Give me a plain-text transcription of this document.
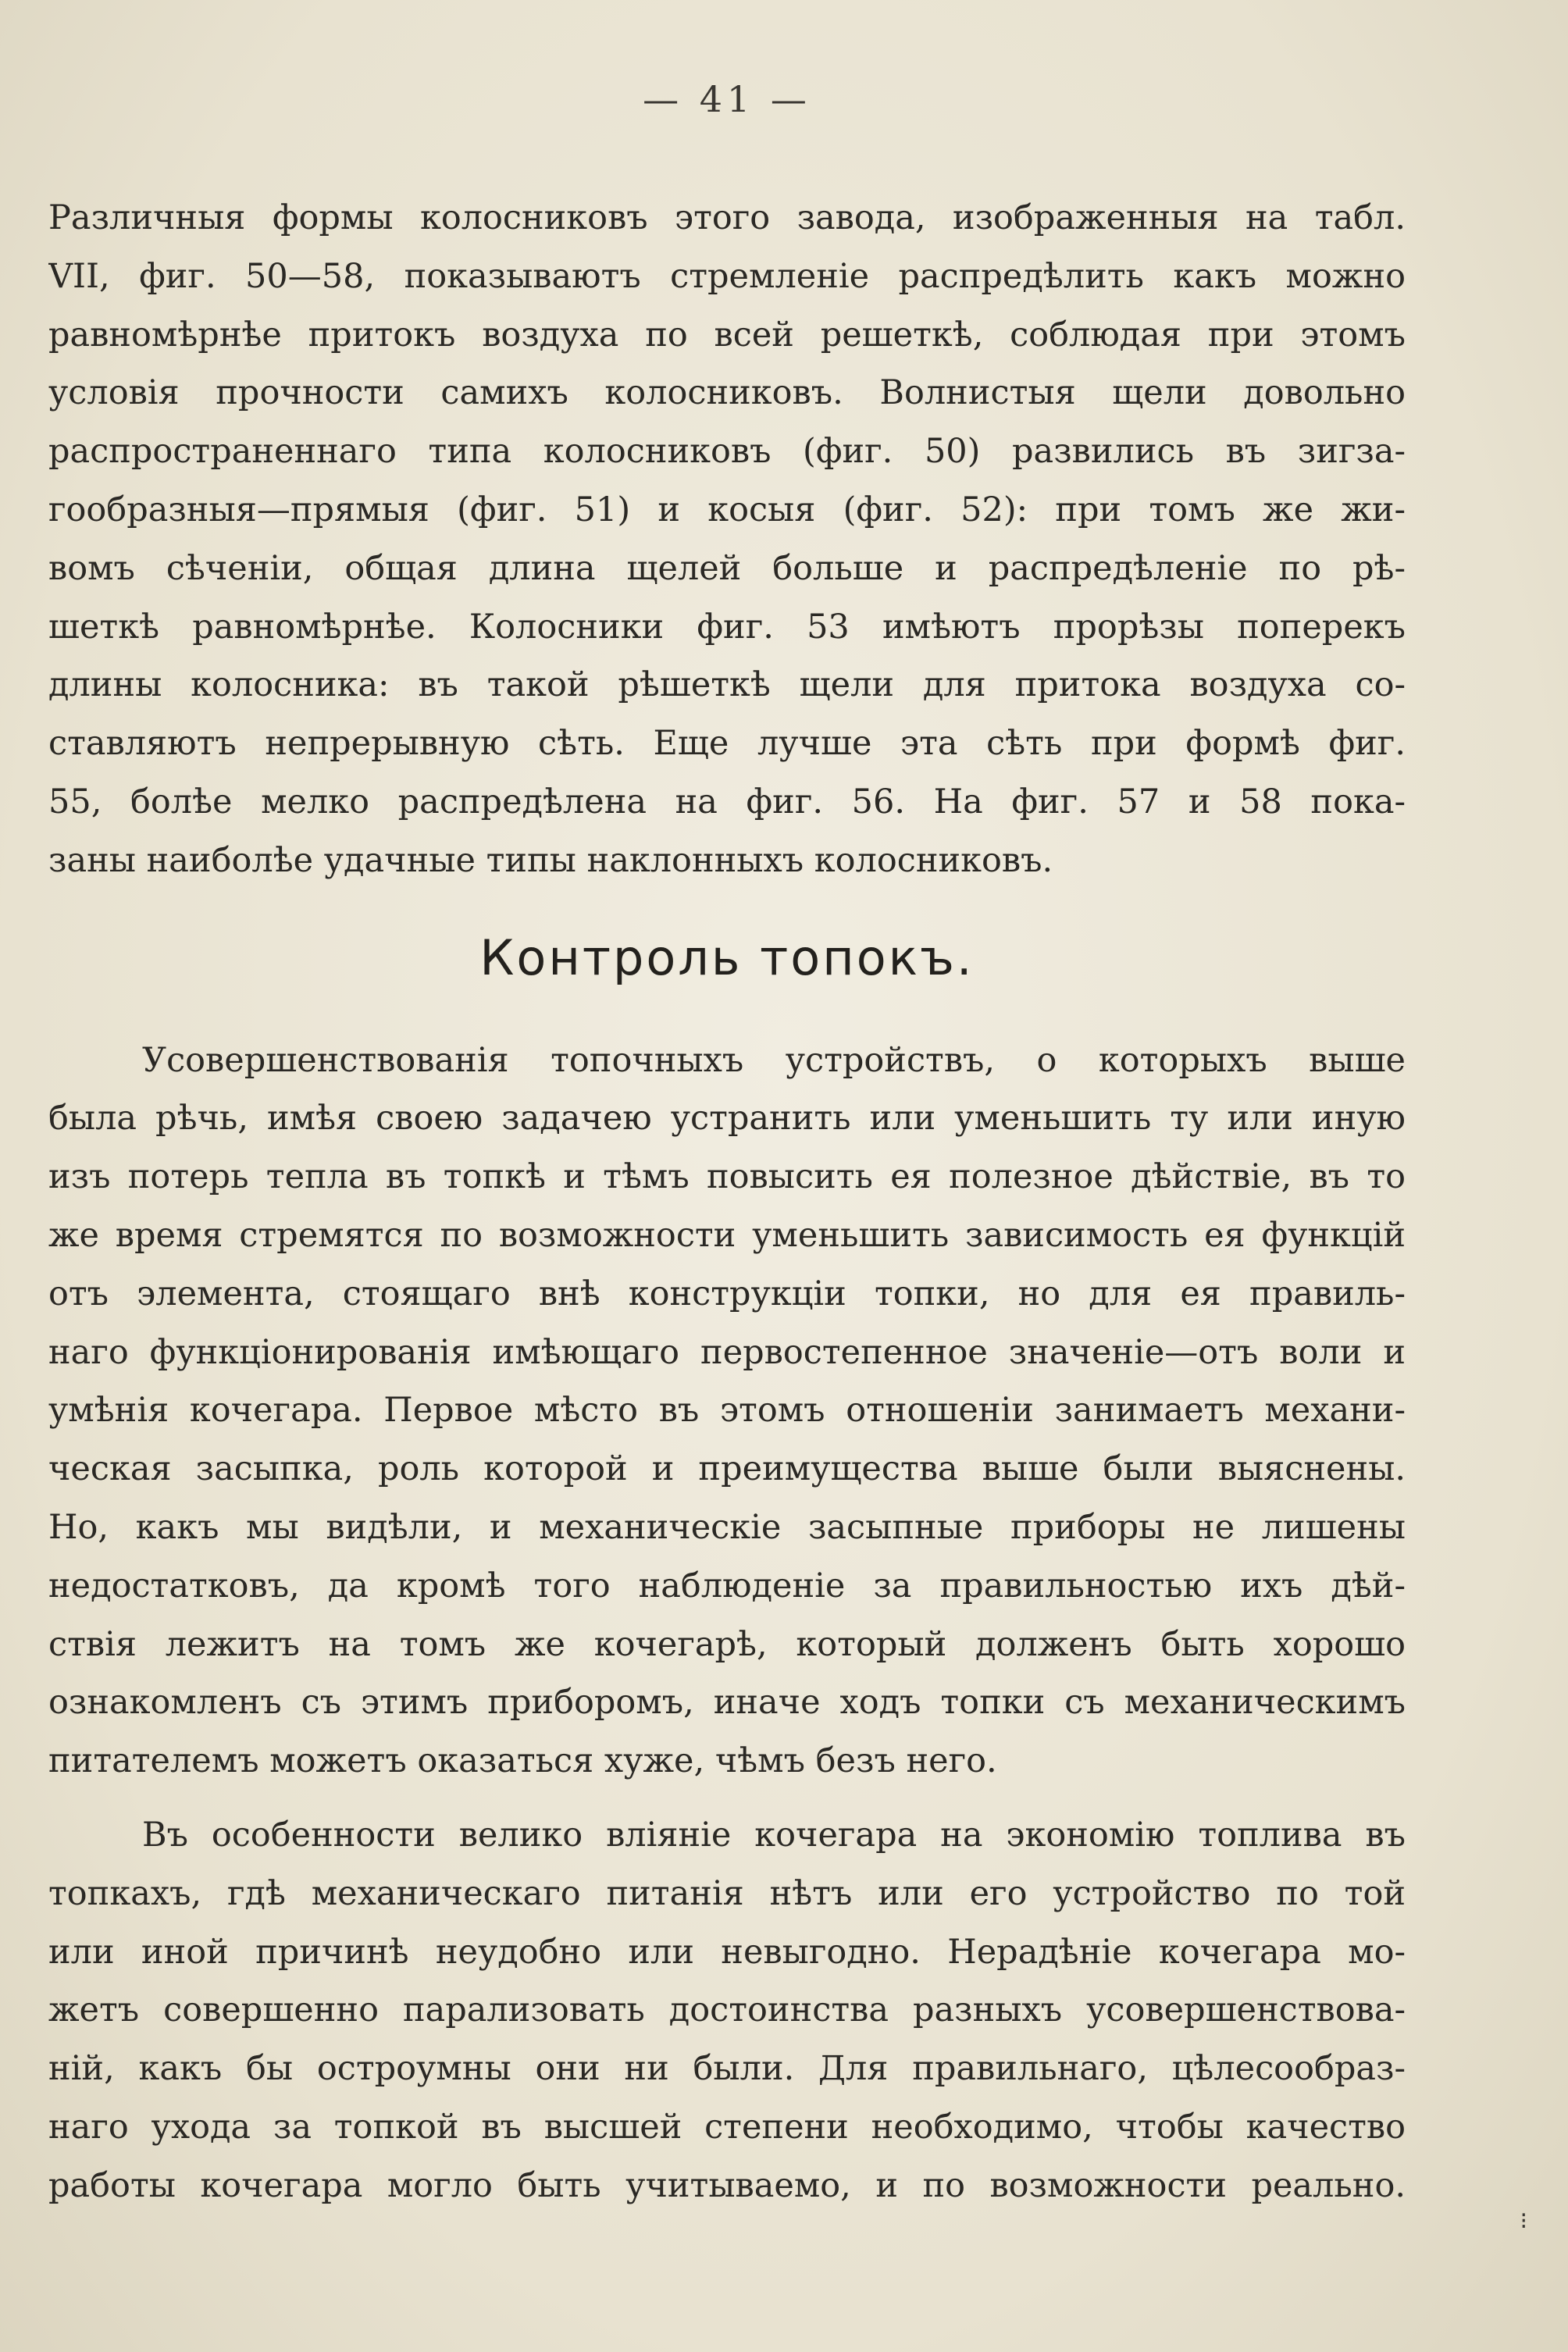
— 41 —
Различныя формы колосниковъ этого завода, изображенныя на табл.
VII, фиг. 50—58, показываютъ стремленіе распредѣлить какъ можно
равномѣрнѣе притокъ воздуха по всей решеткѣ, соблюдая при этомъ
условія прочности самихъ колосниковъ. Волнистыя щели довольно
распространеннаго типа колосниковъ (фиг. 50) развились въ зигза-
гообразныя—прямыя (фиг. 51) и косыя (фиг. 52): при томъ же жи-
вомъ сѣченіи, общая длина щелей больше и распредѣленіе по рѣ-
шеткѣ равномѣрнѣе. Колосники фиг. 53 имѣютъ прорѣзы поперекъ
длины колосника: въ такой рѣшеткѣ щели для притока воздуха со-
ставляютъ непрерывную сѣть. Еще лучше эта сѣть при формѣ фиг.
55, болѣе мелко распредѣлена на фиг. 56. На фиг. 57 и 58 пока-
заны наиболѣе удачные типы наклонныхъ колосниковъ.
Контроль топокъ.
Усовершенствованія топочныхъ устройствъ, о которыхъ выше
была рѣчь, имѣя своею задачею устранить или уменьшить ту или иную
изъ потерь тепла въ топкѣ и тѣмъ повысить ея полезное дѣйствіе, въ то
же время стремятся по возможности уменьшить зависимость ея функцій
отъ элемента, стоящаго внѣ конструкціи топки, но для ея правиль-
наго функціонированія имѣющаго первостепенное значеніе—отъ воли и
умѣнія кочегара. Первое мѣсто въ этомъ отношеніи занимаетъ механи-
ческая засыпка, роль которой и преимущества выше были выяснены.
Но, какъ мы видѣли, и механическіе засыпные приборы не лишены
недостатковъ, да кромѣ того наблюденіе за правильностью ихъ дѣй-
ствія лежитъ на томъ же кочегарѣ, который долженъ быть хорошо
ознакомленъ съ этимъ приборомъ, иначе ходъ топки съ механическимъ
питателемъ можетъ оказаться хуже, чѣмъ безъ него.
Въ особенности велико вліяніе кочегара на экономію топлива въ
топкахъ, гдѣ механическаго питанія нѣтъ или его устройство по той
или иной причинѣ неудобно или невыгодно. Нерадѣніе кочегара мо-
жетъ совершенно парализовать достоинства разныхъ усовершенствова-
ній, какъ бы остроумны они ни были. Для правильнаго, цѣлесообраз-
наго ухода за топкой въ высшей степени необходимо, чтобы качество
работы кочегара могло быть учитываемо, и по возможности реально.
⁝
